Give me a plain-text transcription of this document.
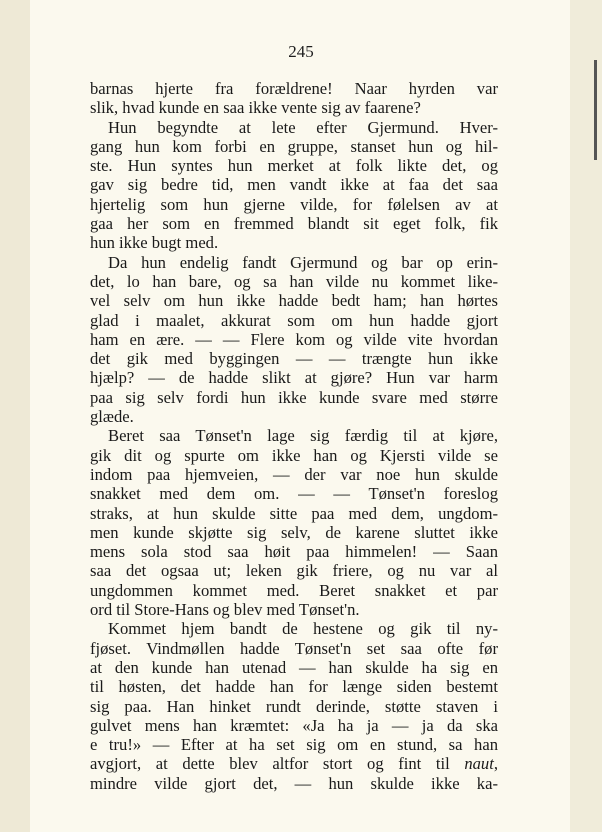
245
barnas hjerte fra forældrene! Naar hyrden var
slik, hvad kunde en saa ikke vente sig av faarene?
Hun begyndte at lete efter Gjermund. Hver-
gang hun kom forbi en gruppe, stanset hun og hil-
ste. Hun syntes hun merket at folk likte det, og
gav sig bedre tid, men vandt ikke at faa det saa
hjertelig som hun gjerne vilde, for følelsen av at
gaa her som en fremmed blandt sit eget folk, fik
hun ikke bugt med.
Da hun endelig fandt Gjermund og bar op erin-
det, lo han bare, og sa han vilde nu kommet like-
vel selv om hun ikke hadde bedt ham; han hørtes
glad i maalet, akkurat som om hun hadde gjort
ham en ære. — — Flere kom og vilde vite hvordan
det gik med byggingen — — trængte hun ikke
hjælp? — de hadde slikt at gjøre? Hun var harm
paa sig selv fordi hun ikke kunde svare med større
glæde.
Beret saa Tønset'n lage sig færdig til at kjøre,
gik dit og spurte om ikke han og Kjersti vilde se
indom paa hjemveien, — der var noe hun skulde
snakket med dem om. — — Tønset'n foreslog
straks, at hun skulde sitte paa med dem, ungdom-
men kunde skjøtte sig selv, de karene sluttet ikke
mens sola stod saa høit paa himmelen! — Saan
saa det ogsaa ut; leken gik friere, og nu var al
ungdommen kommet med. Beret snakket et par
ord til Store-Hans og blev med Tønset'n.
Kommet hjem bandt de hestene og gik til ny-
fjøset. Vindmøllen hadde Tønset'n set saa ofte før
at den kunde han utenad — han skulde ha sig en
til høsten, det hadde han for længe siden bestemt
sig paa. Han hinket rundt derinde, støtte staven i
gulvet mens han kræmtet: «Ja ha ja — ja da ska
e tru!» — Efter at ha set sig om en stund, sa han
avgjort, at dette blev altfor stort og fint til naut,
mindre vilde gjort det, — hun skulde ikke ka-
